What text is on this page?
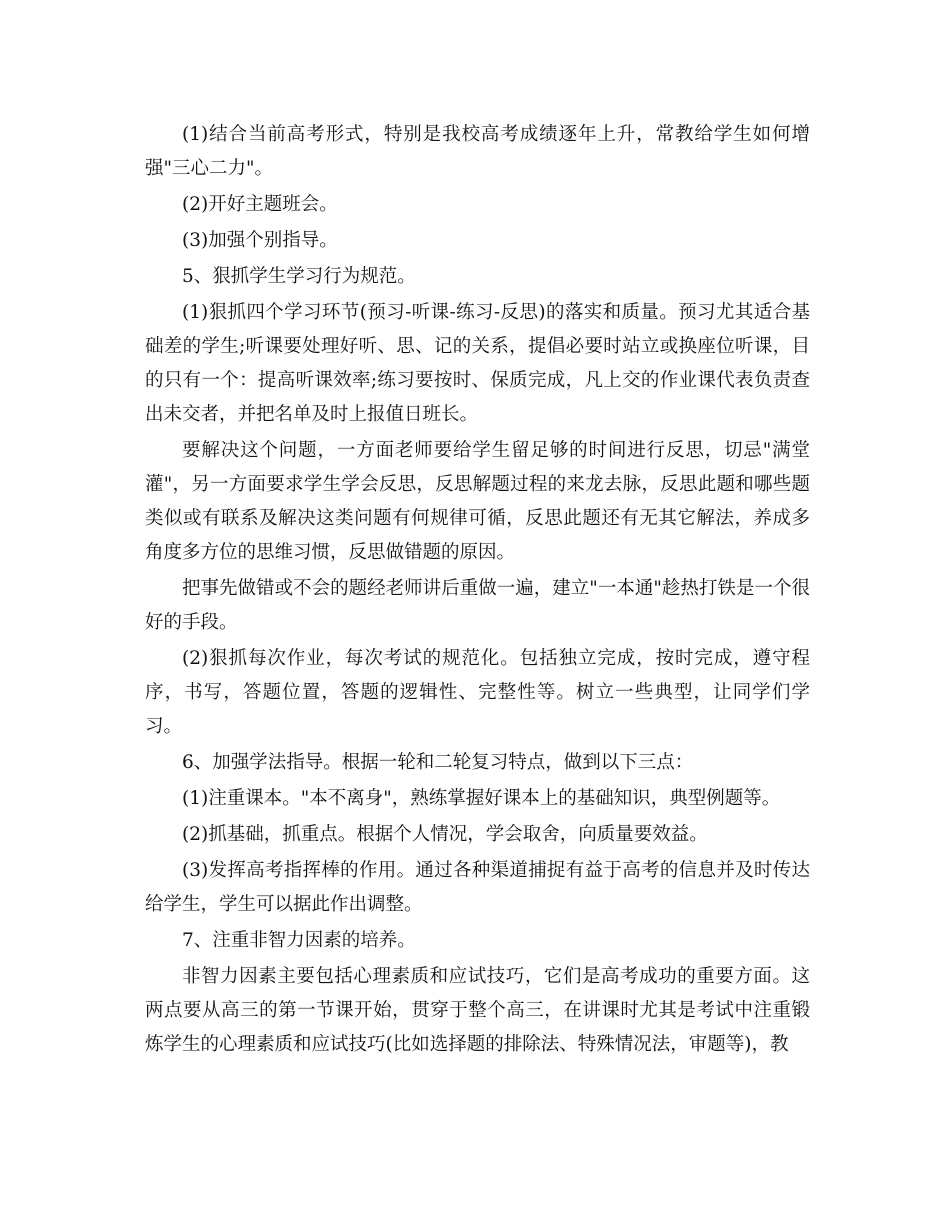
(1)结合当前高考形式，特别是我校高考成绩逐年上升，常教给学生如何增强"三心二力"。

(2)开好主题班会。

(3)加强个别指导。

5、狠抓学生学习行为规范。

(1)狠抓四个学习环节(预习-听课-练习-反思)的落实和质量。预习尤其适合基础差的学生;听课要处理好听、思、记的关系，提倡必要时站立或换座位听课，目的只有一个：提高听课效率;练习要按时、保质完成，凡上交的作业课代表负责查出未交者，并把名单及时上报值日班长。

要解决这个问题，一方面老师要给学生留足够的时间进行反思，切忌"满堂灌"，另一方面要求学生学会反思，反思解题过程的来龙去脉，反思此题和哪些题类似或有联系及解决这类问题有何规律可循，反思此题还有无其它解法，养成多角度多方位的思维习惯，反思做错题的原因。

把事先做错或不会的题经老师讲后重做一遍，建立"一本通"趁热打铁是一个很好的手段。

(2)狠抓每次作业，每次考试的规范化。包括独立完成，按时完成，遵守程序，书写，答题位置，答题的逻辑性、完整性等。树立一些典型，让同学们学习。

6、加强学法指导。根据一轮和二轮复习特点，做到以下三点：

(1)注重课本。"本不离身"，熟练掌握好课本上的基础知识，典型例题等。

(2)抓基础，抓重点。根据个人情况，学会取舍，向质量要效益。

(3)发挥高考指挥棒的作用。通过各种渠道捕捉有益于高考的信息并及时传达给学生，学生可以据此作出调整。

7、注重非智力因素的培养。

非智力因素主要包括心理素质和应试技巧，它们是高考成功的重要方面。这两点要从高三的第一节课开始，贯穿于整个高三，在讲课时尤其是考试中注重锻炼学生的心理素质和应试技巧(比如选择题的排除法、特殊情况法，审题等)，教
